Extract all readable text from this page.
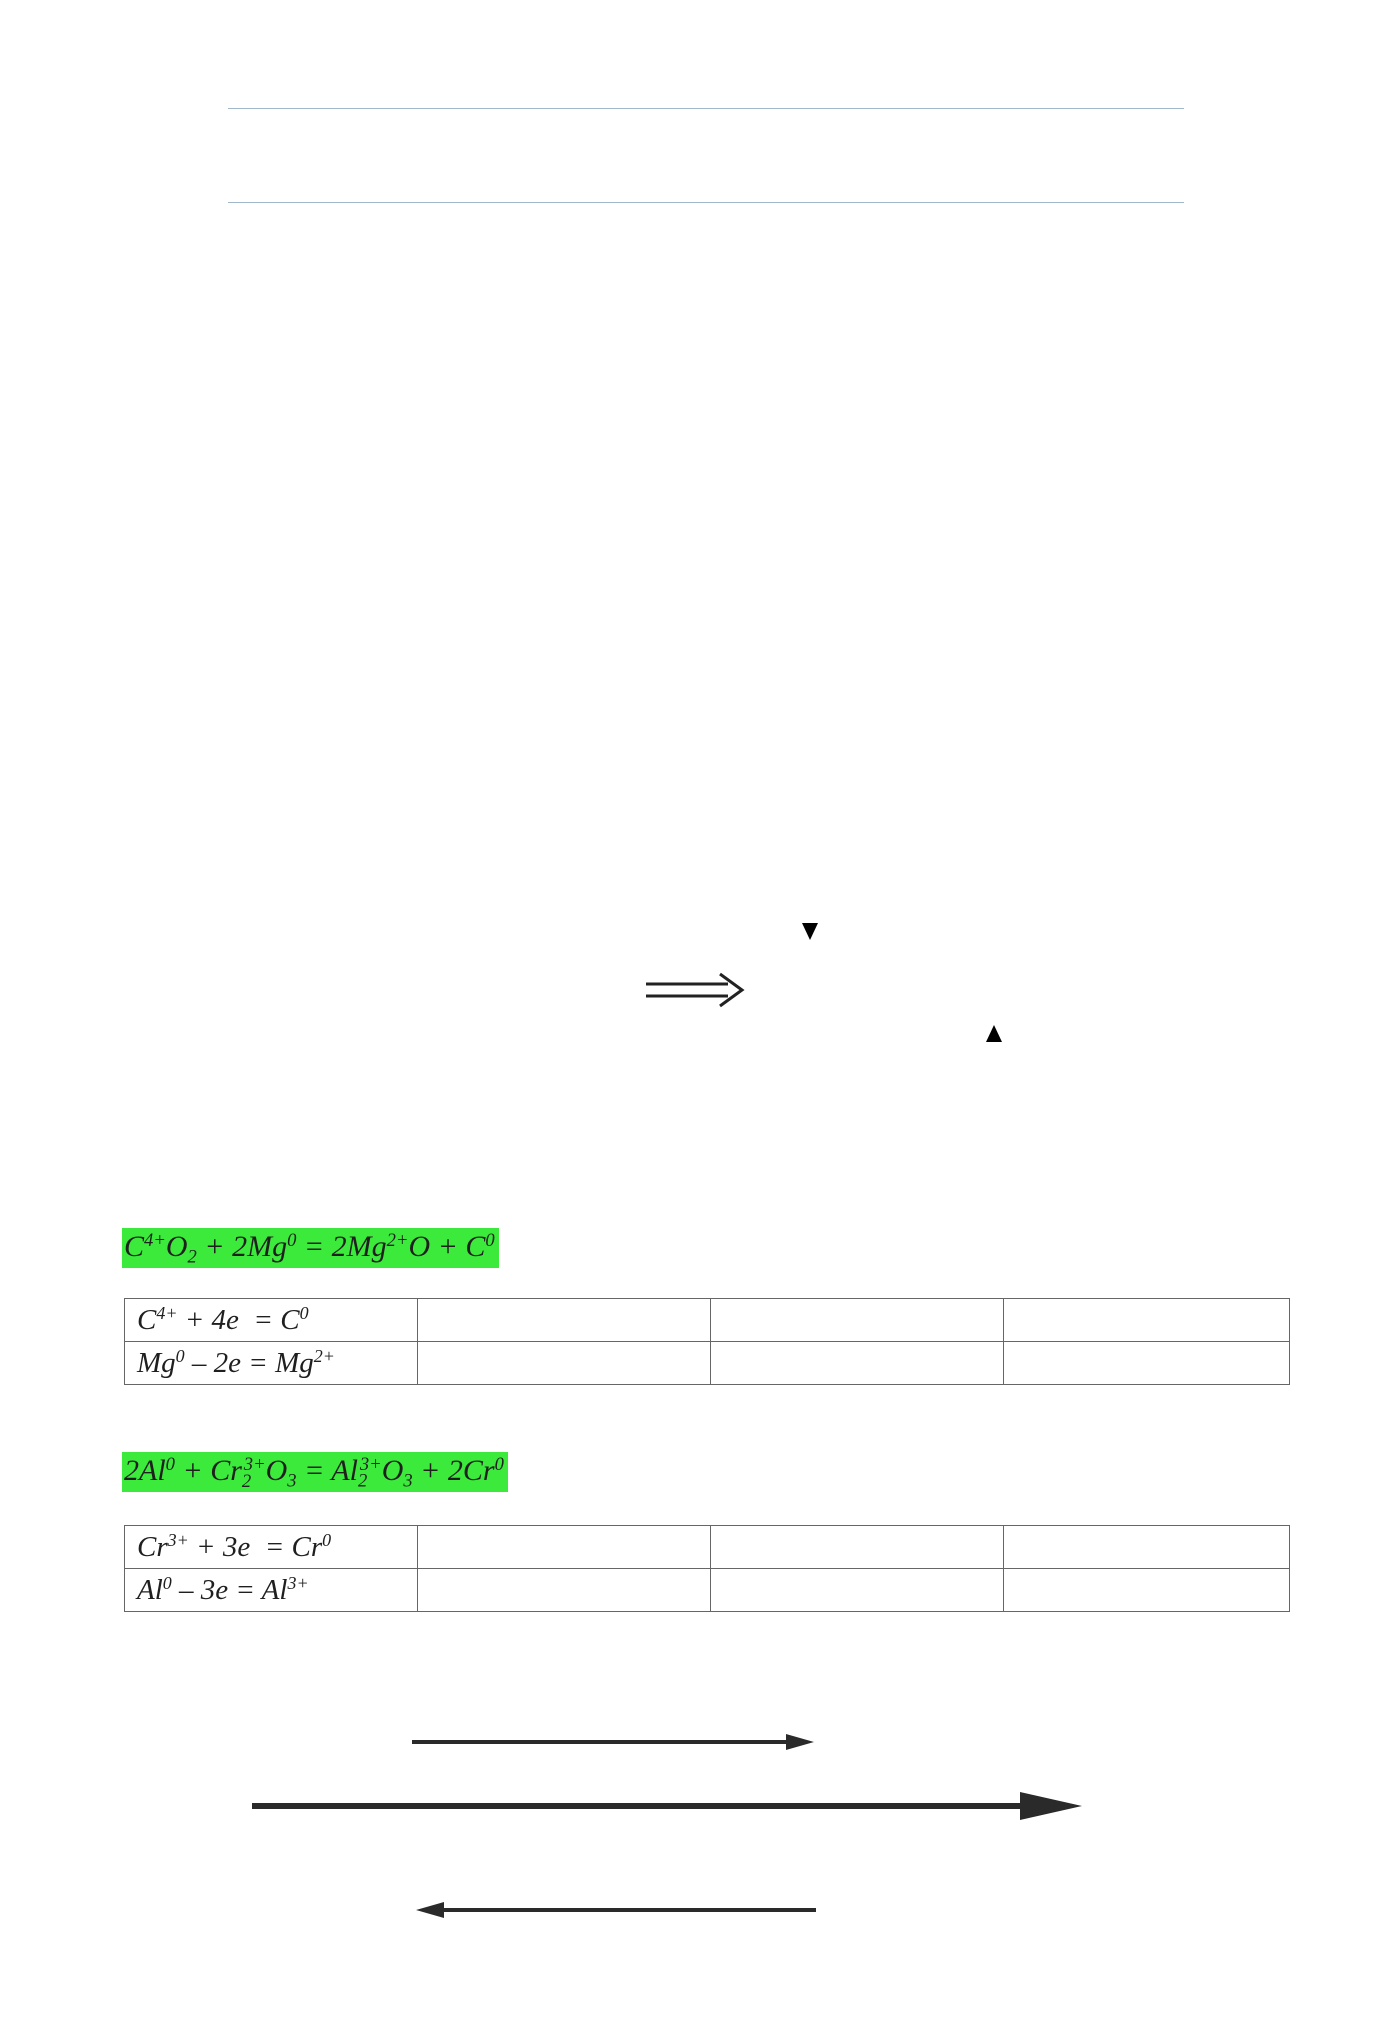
$C^{4+}O_2 + 2Mg^0 = 2Mg^{2+}O + C^0$
$C^{4+} + 4e = C^0$			
$Mg^0 - 2e = Mg^{2+}$			
$2Al^0 + Cr_2^{3+}O_3 = Al_2^{3+}O_3 + 2Cr^0$
$Cr^{3+} + 3e = Cr^0$			
$Al^0 - 3e = Al^{3+}$			
